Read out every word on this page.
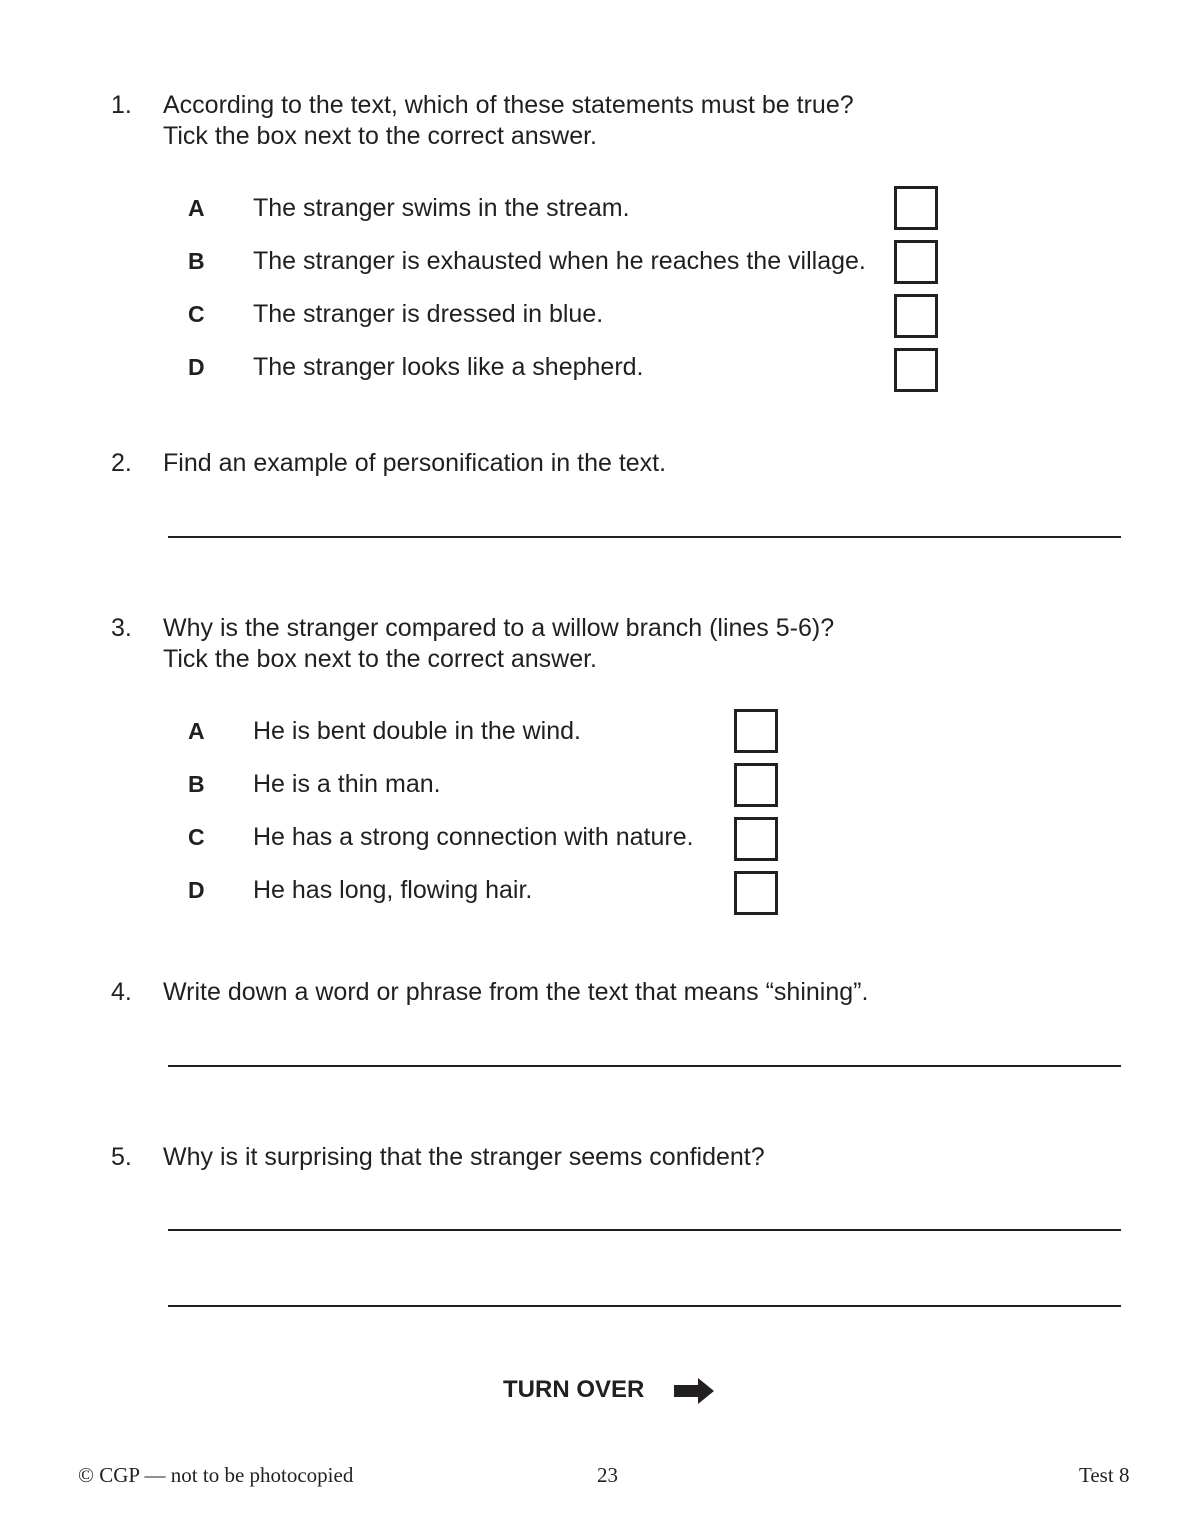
1.	According to the text, which of these statements must be true?
Tick the box next to the correct answer.
A The stranger swims in the stream.
B The stranger is exhausted when he reaches the village.
C The stranger is dressed in blue.
D The stranger looks like a shepherd.
2.	Find an example of personification in the text.
3.	Why is the stranger compared to a willow branch (lines 5-6)?
Tick the box next to the correct answer.
A He is bent double in the wind.
B He is a thin man.
C He has a strong connection with nature.
D He has long, flowing hair.
4.	Write down a word or phrase from the text that means “shining”.
5.	Why is it surprising that the stranger seems confident?
TURN OVER
© CGP — not to be photocopied	23	Test 8
